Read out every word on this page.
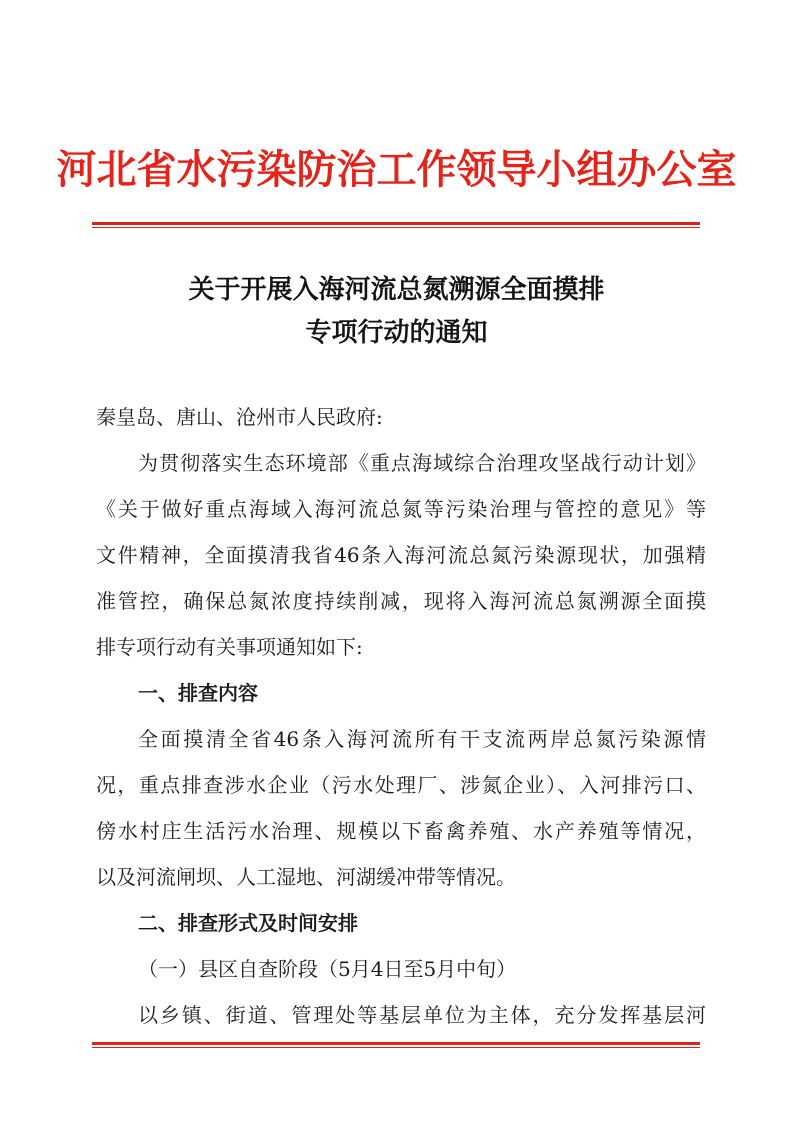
河北省水污染防治工作领导小组办公室
关于开展入海河流总氮溯源全面摸排
专项行动的通知
秦皇岛、唐山、沧州市人民政府:
为贯彻落实生态环境部《重点海域综合治理攻坚战行动计划》
《关于做好重点海域入海河流总氮等污染治理与管控的意见》等
文件精神，全面摸清我省46条入海河流总氮污染源现状，加强精
准管控，确保总氮浓度持续削减，现将入海河流总氮溯源全面摸
排专项行动有关事项通知如下:
一、排查内容
全面摸清全省46条入海河流所有干支流两岸总氮污染源情
况，重点排查涉水企业（污水处理厂、涉氮企业）、入河排污口、
傍水村庄生活污水治理、规模以下畜禽养殖、水产养殖等情况，
以及河流闸坝、人工湿地、河湖缓冲带等情况。
二、排查形式及时间安排
（一）县区自查阶段（5月4日至5月中旬）
以乡镇、街道、管理处等基层单位为主体，充分发挥基层河
